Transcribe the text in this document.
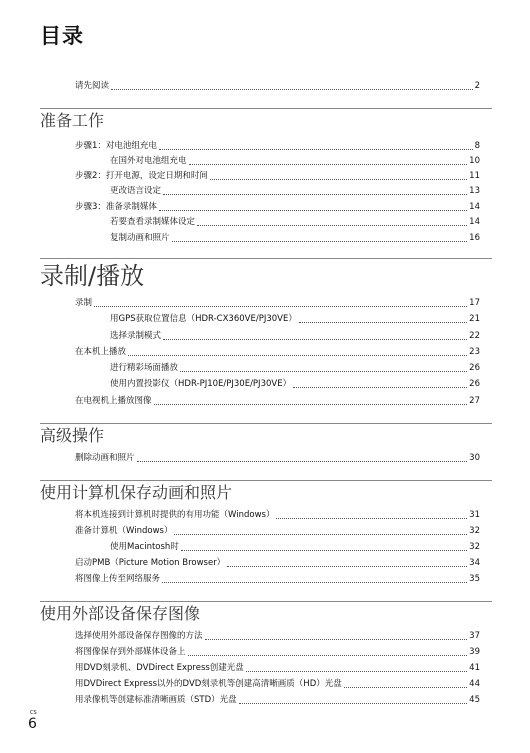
目录
请先阅读	2
准备工作
步骤1：对电池组充电	8
在国外对电池组充电	10
步骤2：打开电源，设定日期和时间	11
更改语言设定	13
步骤3：准备录制媒体	14
若要查看录制媒体设定	14
复制动画和照片	16
录制/播放
录制	17
用GPS获取位置信息（HDR-CX360VE/PJ30VE）	21
选择录制模式	22
在本机上播放	23
进行精彩场面播放	26
使用内置投影仪（HDR-PJ10E/PJ30E/PJ30VE）	26
在电视机上播放图像	27
高级操作
删除动画和照片	30
使用计算机保存动画和照片
将本机连接到计算机时提供的有用功能（Windows）	31
准备计算机（Windows）	32
使用Macintosh时	32
启动PMB（Picture Motion Browser）	34
将图像上传至网络服务	35
使用外部设备保存图像
选择使用外部设备保存图像的方法	37
将图像保存到外部媒体设备上	39
用DVD刻录机、DVDirect Express创建光盘	41
用DVDirect Express以外的DVD刻录机等创建高清晰画质（HD）光盘	44
用录像机等创建标准清晰画质（STD）光盘	45
CS
6
